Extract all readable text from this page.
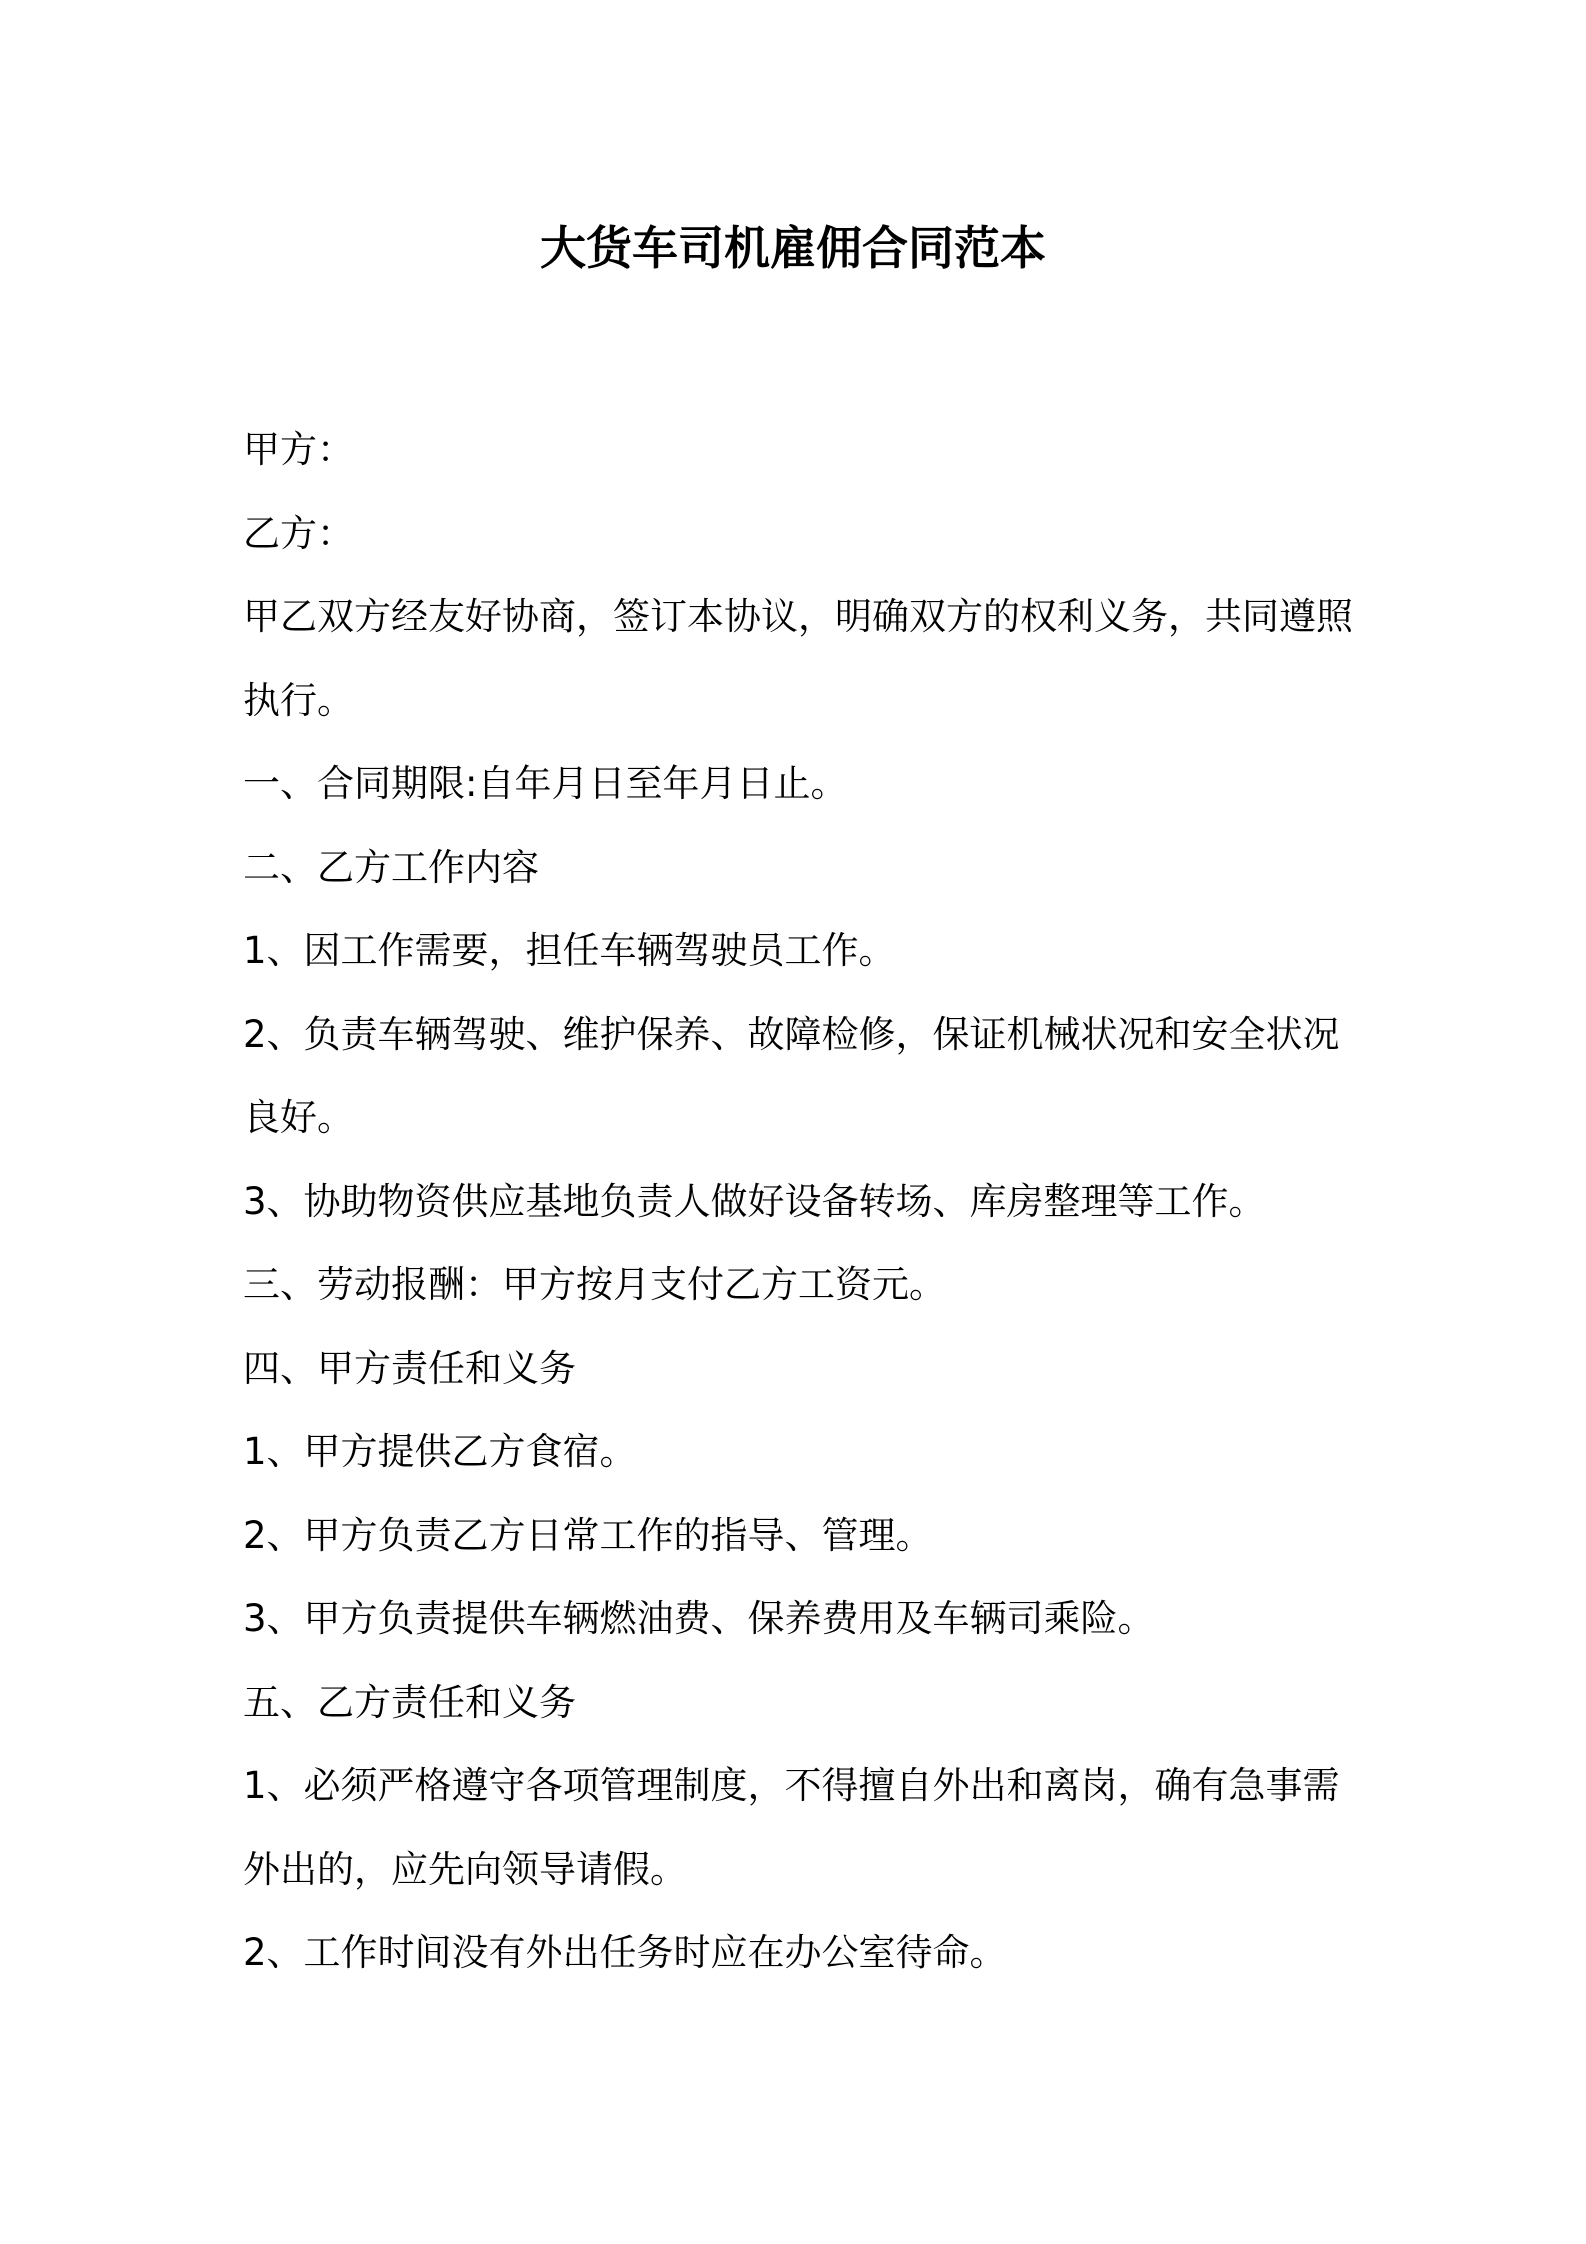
大货车司机雇佣合同范本
甲方：
乙方：
甲乙双方经友好协商，签订本协议，明确双方的权利义务，共同遵照
执行。
一、合同期限:自年月日至年月日止。
二、乙方工作内容
1、因工作需要，担任车辆驾驶员工作。
2、负责车辆驾驶、维护保养、故障检修，保证机械状况和安全状况
良好。
3、协助物资供应基地负责人做好设备转场、库房整理等工作。
三、劳动报酬：甲方按月支付乙方工资元。
四、甲方责任和义务
1、甲方提供乙方食宿。
2、甲方负责乙方日常工作的指导、管理。
3、甲方负责提供车辆燃油费、保养费用及车辆司乘险。
五、乙方责任和义务
1、必须严格遵守各项管理制度，不得擅自外出和离岗，确有急事需
外出的，应先向领导请假。
2、工作时间没有外出任务时应在办公室待命。
